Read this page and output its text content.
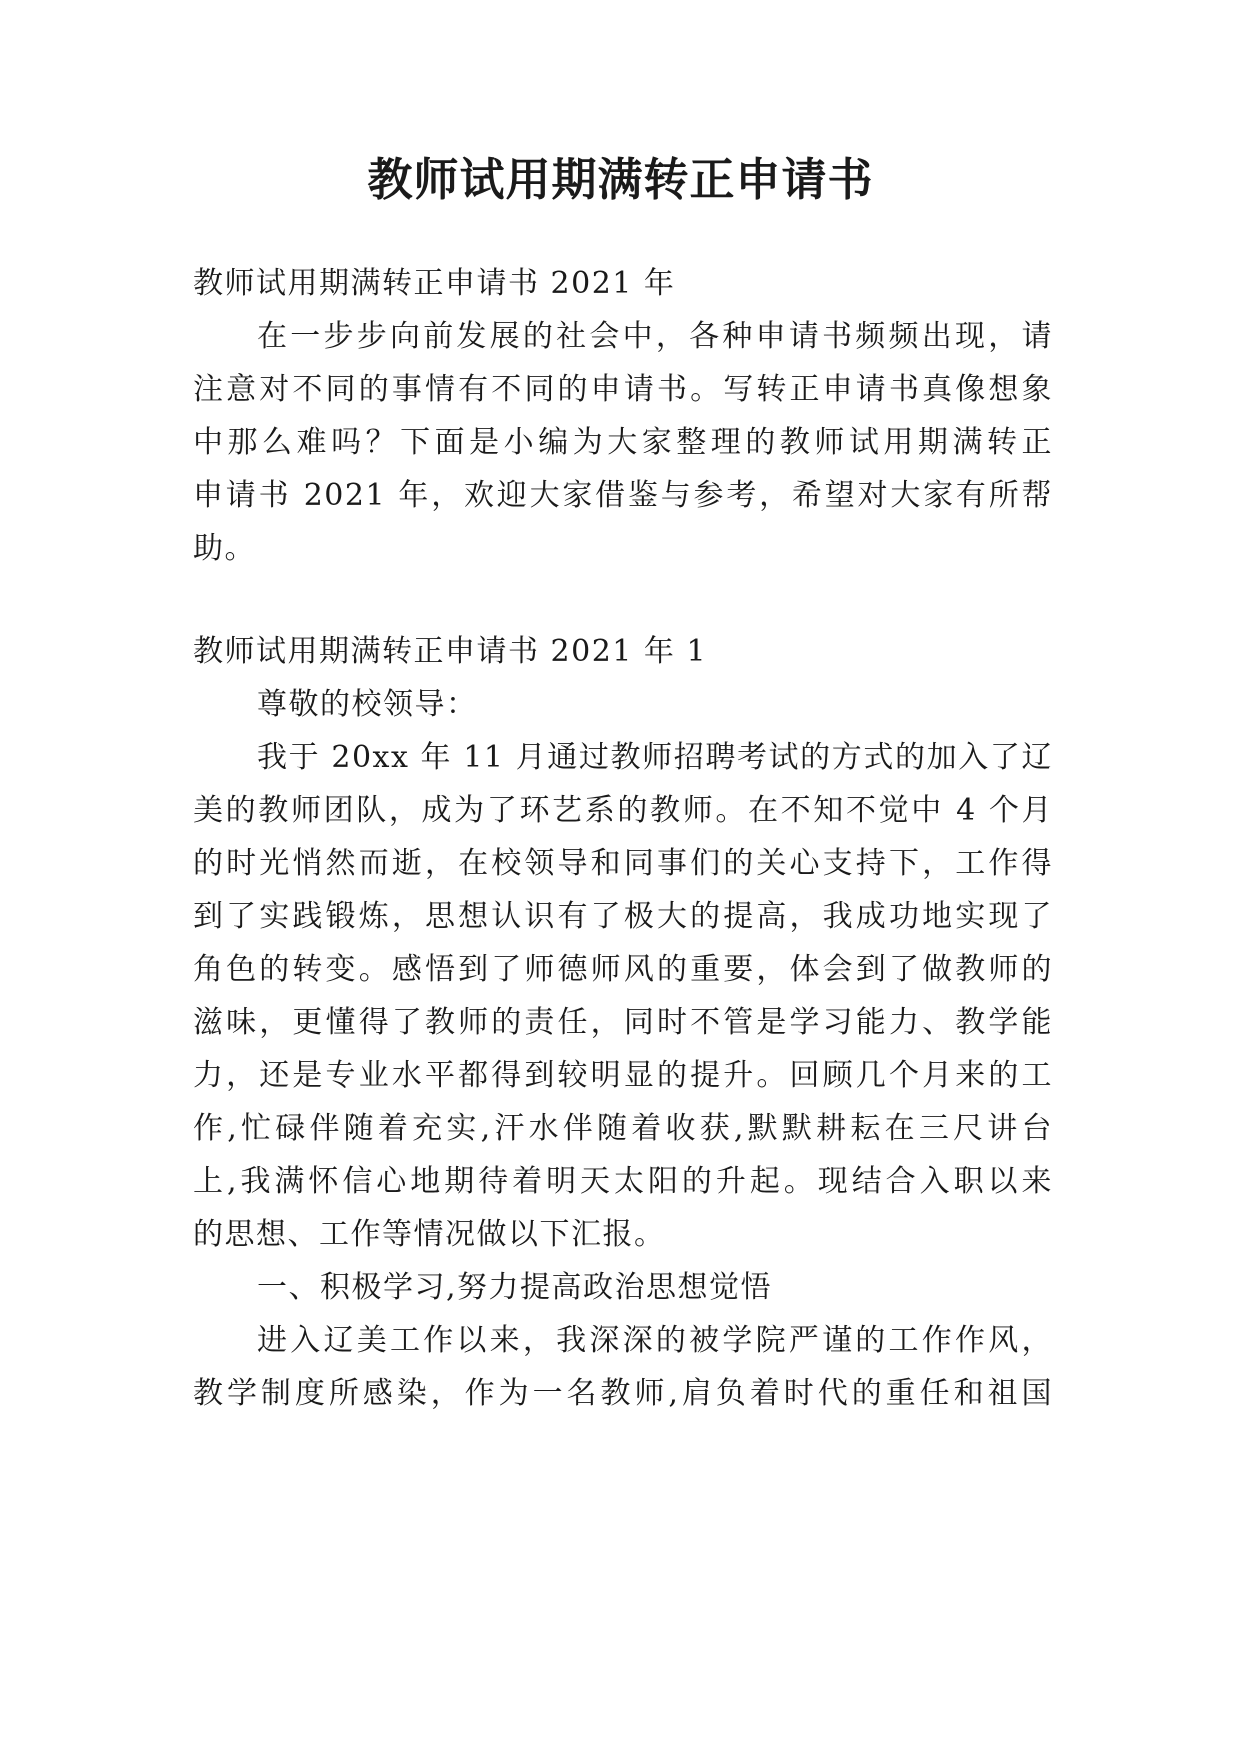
教师试用期满转正申请书
教师试用期满转正申请书 2021 年
在一步步向前发展的社会中，各种申请书频频出现，请
注意对不同的事情有不同的申请书。写转正申请书真像想象
中那么难吗？下面是小编为大家整理的教师试用期满转正
申请书 2021 年，欢迎大家借鉴与参考，希望对大家有所帮
助。
教师试用期满转正申请书 2021 年 1
尊敬的校领导：
我于 20xx 年 11 月通过教师招聘考试的方式的加入了辽
美的教师团队，成为了环艺系的教师。在不知不觉中 4 个月
的时光悄然而逝，在校领导和同事们的关心支持下，工作得
到了实践锻炼，思想认识有了极大的提高，我成功地实现了
角色的转变。感悟到了师德师风的重要，体会到了做教师的
滋味，更懂得了教师的责任，同时不管是学习能力、教学能
力，还是专业水平都得到较明显的提升。回顾几个月来的工
作,忙碌伴随着充实,汗水伴随着收获,默默耕耘在三尺讲台
上,我满怀信心地期待着明天太阳的升起。现结合入职以来
的思想、工作等情况做以下汇报。
一、积极学习,努力提高政治思想觉悟
进入辽美工作以来，我深深的被学院严谨的工作作风，
教学制度所感染，作为一名教师,肩负着时代的重任和祖国
